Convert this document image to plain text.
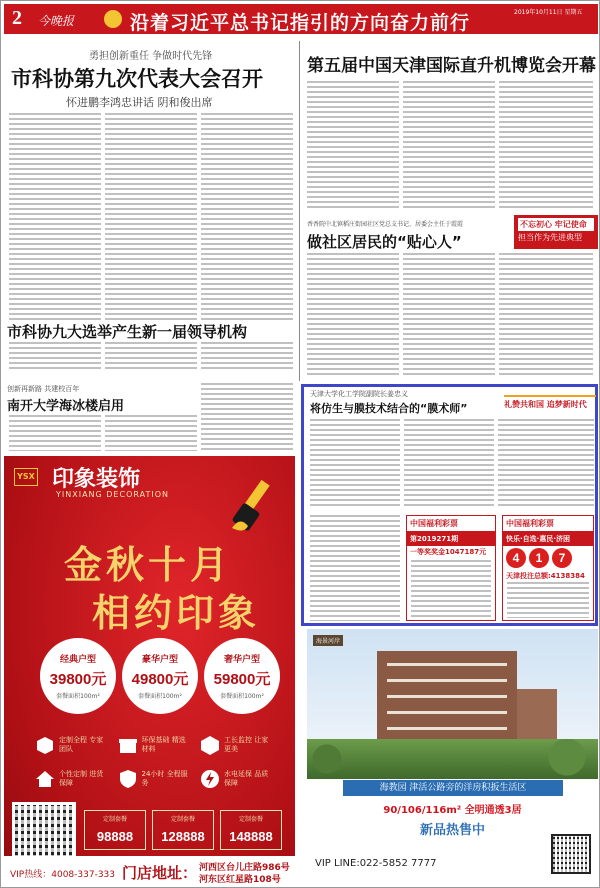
2 今晚报	沿着习近平总书记指引的方向奋力前行	2019年10月11日 星期五
勇担创新重任 争做时代先锋
市科协第九次代表大会召开
怀进鹏李鸿忠讲话 阴和俊出席
第五届中国天津国际直升机博览会开幕
香香院中北镇稻庄街园社区党总支书记、居委会主任于霞霞
做社区居民的“贴心人”
不忘初心 牢记使命
担当作为先进典型
市科协九大选举产生新一届领导机构
创新再新路 共建校百年
南开大学海冰楼启用
天津大学化工学院副院长姜忠义
将仿生与膜技术结合的“膜术师”	礼赞共和国 追梦新时代
中国福利彩票
第2019271期
一等奖奖金1047187元
中国福利彩票
快乐·自选·惠民·济困
4	1	7
天津投注总额:4138384
YSX 印象装饰
YINXIANG DECORATION
金秋十月
相约印象
经典户型
39800元
套餐面积100m²
豪华户型
49800元
套餐面积100m²
奢华户型
59800元
套餐面积100m²
定制全程 专家团队
环保基础 精选材料
工长监控 让家更美
个性定制 进货保障
24小时 全程服务
水电延保 品质保障
定制套餐
98888
定制套餐
128888
定制套餐
148888
VIP热线：4008-337-333 门店地址： 河西区台儿庄路986号
河东区红星路108号
海景河岸
海教园 津活公路旁的洋房积扳生活区
90/106/116m² 全明通透3居
新品热售中
VIP LINE:022-5852 7777
